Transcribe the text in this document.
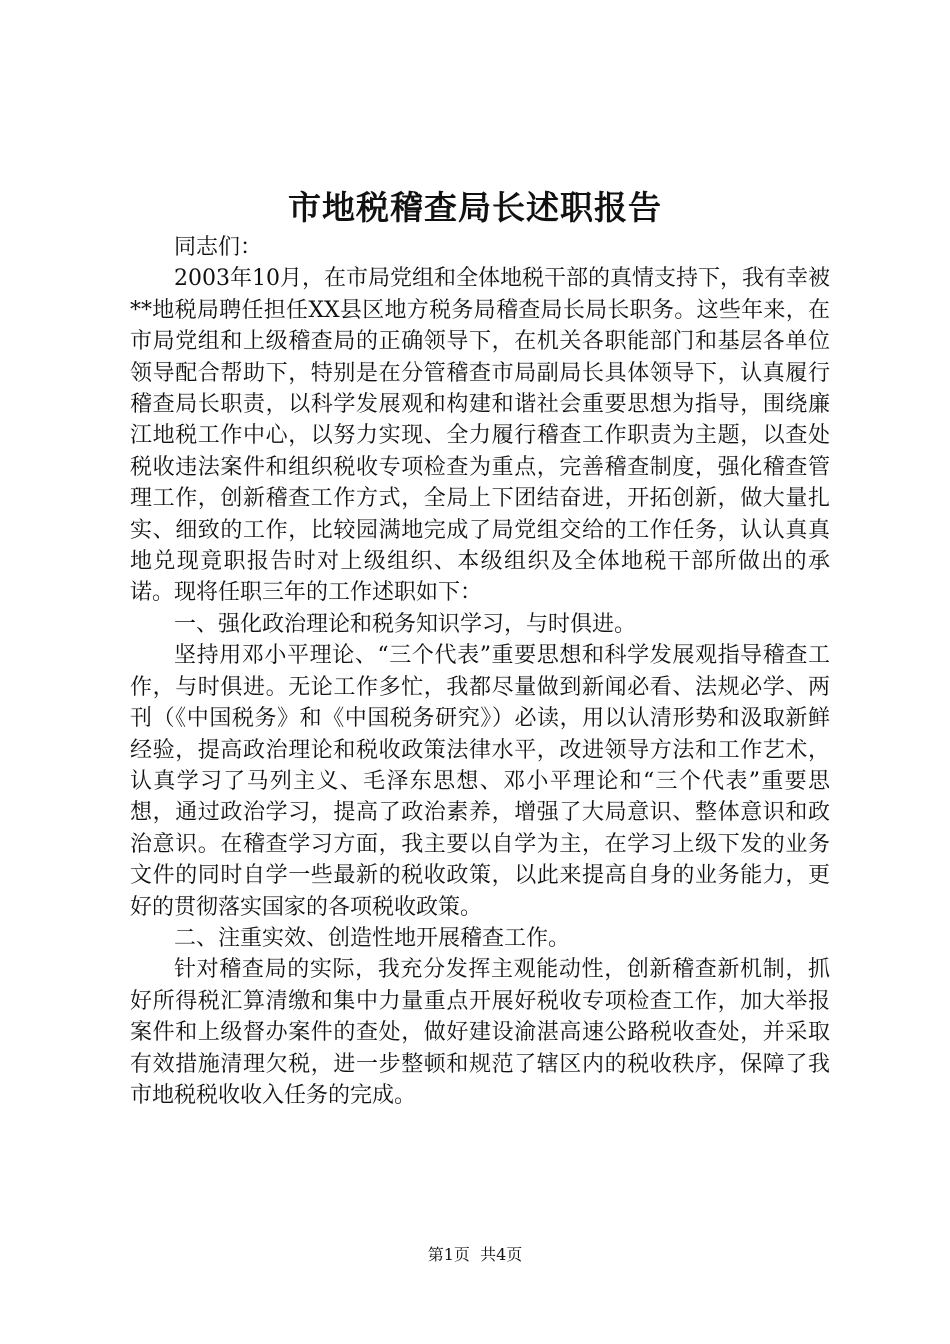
市地税稽查局长述职报告

同志们：

2003年10月，在市局党组和全体地税干部的真情支持下，我有幸被**地税局聘任担任XX县区地方税务局稽查局长局长职务。这些年来，在市局党组和上级稽查局的正确领导下，在机关各职能部门和基层各单位领导配合帮助下，特别是在分管稽查市局副局长具体领导下，认真履行稽查局长职责，以科学发展观和构建和谐社会重要思想为指导，围绕廉江地税工作中心，以努力实现、全力履行稽查工作职责为主题，以查处税收违法案件和组织税收专项检查为重点，完善稽查制度，强化稽查管理工作，创新稽查工作方式，全局上下团结奋进，开拓创新，做大量扎实、细致的工作，比较园满地完成了局党组交给的工作任务，认认真真地兑现竟职报告时对上级组织、本级组织及全体地税干部所做出的承诺。现将任职三年的工作述职如下：

一、强化政治理论和税务知识学习，与时俱进。

坚持用邓小平理论、“三个代表”重要思想和科学发展观指导稽查工作，与时俱进。无论工作多忙，我都尽量做到新闻必看、法规必学、两刊（《中国税务》和《中国税务研究》）必读，用以认清形势和汲取新鲜经验，提高政治理论和税收政策法律水平，改进领导方法和工作艺术，认真学习了马列主义、毛泽东思想、邓小平理论和“三个代表”重要思想，通过政治学习，提高了政治素养，增强了大局意识、整体意识和政治意识。在稽查学习方面，我主要以自学为主，在学习上级下发的业务文件的同时自学一些最新的税收政策，以此来提高自身的业务能力，更好的贯彻落实国家的各项税收政策。

二、注重实效、创造性地开展稽查工作。

针对稽查局的实际，我充分发挥主观能动性，创新稽查新机制，抓好所得税汇算清缴和集中力量重点开展好税收专项检查工作，加大举报案件和上级督办案件的查处，做好建设渝湛高速公路税收查处，并采取有效措施清理欠税，进一步整顿和规范了辖区内的税收秩序，保障了我市地税税收收入任务的完成。

第1页 共4页
